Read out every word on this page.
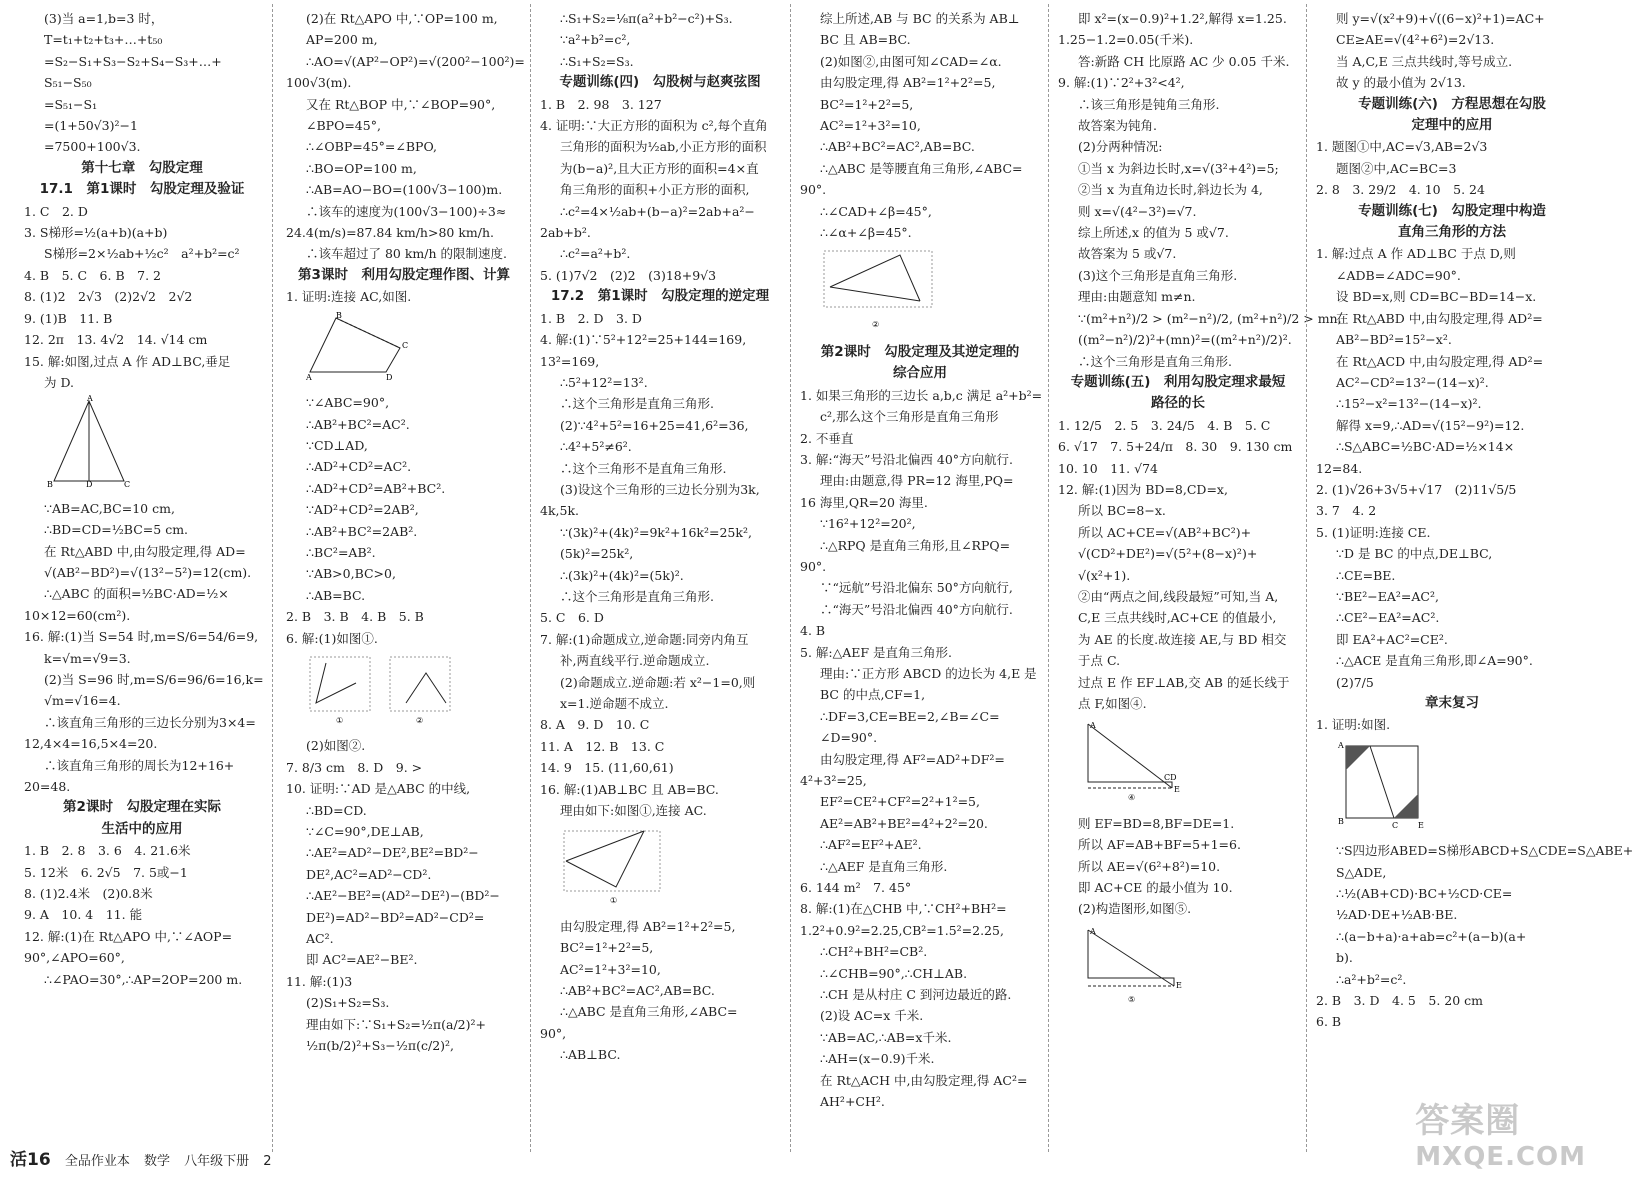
(3)当 a=1,b=3 时，
T=t₁+t₂+t₃+…+t₅₀
=S₂−S₁+S₃−S₂+S₄−S₃+…+
S₅₁−S₅₀
=S₅₁−S₁
=(1+50√3)²−1
=7500+100√3.
第十七章　勾股定理
17.1　第1课时　勾股定理及验证
1. C　2. D
3. S梯形=½(a+b)(a+b)
S梯形=2×½ab+½c²　a²+b²=c²
4. B　5. C　6. B　7. 2
8. (1)2　2√3　(2)2√2　2√2
9. (1)B　11. B
12. 2π　13. 4√2　14. √14 cm
15. 解:如图,过点 A 作 AD⊥BC,垂足
为 D.
A
B	D	C
∵AB=AC,BC=10 cm,
∴BD=CD=½BC=5 cm.
在 Rt△ABD 中,由勾股定理,得 AD=
√(AB²−BD²)=√(13²−5²)=12(cm).
∴△ABC 的面积=½BC·AD=½×
10×12=60(cm²).
16. 解:(1)当 S=54 时,m=S/6=54/6=9,
k=√m=√9=3.
(2)当 S=96 时,m=S/6=96/6=16,k=
√m=√16=4.
∴该直角三角形的三边长分别为3×4=
12,4×4=16,5×4=20.
∴该直角三角形的周长为12+16+
20=48.
第2课时　勾股定理在实际
生活中的应用
1. B　2. 8　3. 6　4. 21.6米
5. 12米　6. 2√5　7. 5或−1
8. (1)2.4米　(2)0.8米
9. A　10. 4　11. 能
12. 解:(1)在 Rt△APO 中,∵∠AOP=
90°,∠APO=60°,
∴∠PAO=30°,∴AP=2OP=200 m.
(2)在 Rt△APO 中,∵OP=100 m,
AP=200 m,
∴AO=√(AP²−OP²)=√(200²−100²)=
100√3(m).
又在 Rt△BOP 中,∵∠BOP=90°,
∠BPO=45°,
∴∠OBP=45°=∠BPO,
∴BO=OP=100 m,
∴AB=AO−BO=(100√3−100)m.
∴该车的速度为(100√3−100)÷3≈
24.4(m/s)=87.84 km/h>80 km/h.
∴该车超过了 80 km/h 的限制速度.
第3课时　利用勾股定理作图、计算
1. 证明:连接 AC,如图.
B
A	D
C
∵∠ABC=90°,
∴AB²+BC²=AC².
∵CD⊥AD,
∴AD²+CD²=AC².
∴AD²+CD²=AB²+BC².
∵AD²+CD²=2AB²,
∴AB²+BC²=2AB².
∴BC²=AB².
∵AB>0,BC>0,
∴AB=BC.
2. B　3. B　4. B　5. B
6. 解:(1)如图①.
①	②
(2)如图②.
7. 8/3 cm　8. D　9. >
10. 证明:∵AD 是△ABC 的中线,
∴BD=CD.
∵∠C=90°,DE⊥AB,
∴AE²=AD²−DE²,BE²=BD²−
DE²,AC²=AD²−CD².
∴AE²−BE²=(AD²−DE²)−(BD²−
DE²)=AD²−BD²=AD²−CD²=
AC².
即 AC²=AE²−BE².
11. 解:(1)3
(2)S₁+S₂=S₃.
理由如下:∵S₁+S₂=½π(a/2)²+
½π(b/2)²+S₃−½π(c/2)²,
∴S₁+S₂=⅛π(a²+b²−c²)+S₃.
∵a²+b²=c²,
∴S₁+S₂=S₃.
专题训练(四)　勾股树与赵爽弦图
1. B　2. 98　3. 127
4. 证明:∵大正方形的面积为 c²,每个直角
三角形的面积为½ab,小正方形的面积
为(b−a)²,且大正方形的面积=4×直
角三角形的面积+小正方形的面积,
∴c²=4×½ab+(b−a)²=2ab+a²−
2ab+b².
∴c²=a²+b².
5. (1)7√2　(2)2　(3)18+9√3
17.2　第1课时　勾股定理的逆定理
1. B　2. D　3. D
4. 解:(1)∵5²+12²=25+144=169,
13²=169,
∴5²+12²=13².
∴这个三角形是直角三角形.
(2)∵4²+5²=16+25=41,6²=36,
∴4²+5²≠6².
∴这个三角形不是直角三角形.
(3)设这个三角形的三边长分别为3k,
4k,5k.
∵(3k)²+(4k)²=9k²+16k²=25k²,
(5k)²=25k²,
∴(3k)²+(4k)²=(5k)².
∴这个三角形是直角三角形.
5. C　6. D
7. 解:(1)命题成立,逆命题:同旁内角互
补,两直线平行.逆命题成立.
(2)命题成立.逆命题:若 x²−1=0,则
x=1.逆命题不成立.
8. A　9. D　10. C
11. A　12. B　13. C
14. 9　15. (11,60,61)
16. 解:(1)AB⊥BC 且 AB=BC.
理由如下:如图①,连接 AC.
①
由勾股定理,得 AB²=1²+2²=5,
BC²=1²+2²=5,
AC²=1²+3²=10,
∴AB²+BC²=AC²,AB=BC.
∴△ABC 是直角三角形,∠ABC=
90°,
∴AB⊥BC.
综上所述,AB 与 BC 的关系为 AB⊥
BC 且 AB=BC.
(2)如图②,由图可知∠CAD=∠α.
由勾股定理,得 AB²=1²+2²=5,
BC²=1²+2²=5,
AC²=1²+3²=10,
∴AB²+BC²=AC²,AB=BC.
∴△ABC 是等腰直角三角形,∠ABC=
90°.
∴∠CAD+∠β=45°,
∴∠α+∠β=45°.
②
第2课时　勾股定理及其逆定理的
综合应用
1. 如果三角形的三边长 a,b,c 满足 a²+b²=
c²,那么这个三角形是直角三角形
2. 不垂直
3. 解:“海天”号沿北偏西 40°方向航行.
理由:由题意,得 PR=12 海里,PQ=
16 海里,QR=20 海里.
∵16²+12²=20²,
∴△RPQ 是直角三角形,且∠RPQ=
90°.
∵“远航”号沿北偏东 50°方向航行,
∴“海天”号沿北偏西 40°方向航行.
4. B
5. 解:△AEF 是直角三角形.
理由:∵正方形 ABCD 的边长为 4,E 是
BC 的中点,CF=1,
∴DF=3,CE=BE=2,∠B=∠C=
∠D=90°.
由勾股定理,得 AF²=AD²+DF²=
4²+3²=25,
EF²=CE²+CF²=2²+1²=5,
AE²=AB²+BE²=4²+2²=20.
∴AF²=EF²+AE².
∴△AEF 是直角三角形.
6. 144 m²　7. 45°
8. 解:(1)在△CHB 中,∵CH²+BH²=
1.2²+0.9²=2.25,CB²=1.5²=2.25,
∴CH²+BH²=CB².
∴∠CHB=90°,∴CH⊥AB.
∴CH 是从村庄 C 到河边最近的路.
(2)设 AC=x 千米.
∵AB=AC,∴AB=x千米.
∴AH=(x−0.9)千米.
在 Rt△ACH 中,由勾股定理,得 AC²=
AH²+CH².
即 x²=(x−0.9)²+1.2²,解得 x=1.25.
1.25−1.2=0.05(千米).
答:新路 CH 比原路 AC 少 0.05 千米.
9. 解:(1)∵2²+3²<4²,
∴该三角形是钝角三角形.
故答案为钝角.
(2)分两种情况:
①当 x 为斜边长时,x=√(3²+4²)=5;
②当 x 为直角边长时,斜边长为 4,
则 x=√(4²−3²)=√7.
综上所述,x 的值为 5 或√7.
故答案为 5 或√7.
(3)这个三角形是直角三角形.
理由:由题意知 m≠n.
∵(m²+n²)/2 > (m²−n²)/2, (m²+n²)/2 > mn,
((m²−n²)/2)²+(mn)²=((m²+n²)/2)².
∴这个三角形是直角三角形.
专题训练(五)　利用勾股定理求最短
路径的长
1. 12/5　2. 5　3. 24/5　4. B　5. C
6. √17　7. 5+24/π　8. 30　9. 130 cm
10. 10　11. √74
12. 解:(1)因为 BD=8,CD=x,
所以 BC=8−x.
所以 AC+CE=√(AB²+BC²)+
√(CD²+DE²)=√(5²+(8−x)²)+
√(x²+1).
②由“两点之间,线段最短”可知,当 A,
C,E 三点共线时,AC+CE 的值最小,
为 AE 的长度.故连接 AE,与 BD 相交
于点 C.
过点 E 作 EF⊥AB,交 AB 的延长线于
点 F,如图④.
A
CD
E
④
则 EF=BD=8,BF=DE=1.
所以 AF=AB+BF=5+1=6.
所以 AE=√(6²+8²)=10.
即 AC+CE 的最小值为 10.
(2)构造图形,如图⑤.
A
E
⑤
则 y=√(x²+9)+√((6−x)²+1)=AC+
CE≥AE=√(4²+6²)=2√13.
当 A,C,E 三点共线时,等号成立.
故 y 的最小值为 2√13.
专题训练(六)　方程思想在勾股
定理中的应用
1. 题图①中,AC=√3,AB=2√3
题图②中,AC=BC=3
2. 8　3. 29/2　4. 10　5. 24
专题训练(七)　勾股定理中构造
直角三角形的方法
1. 解:过点 A 作 AD⊥BC 于点 D,则
∠ADB=∠ADC=90°.
设 BD=x,则 CD=BC−BD=14−x.
在 Rt△ABD 中,由勾股定理,得 AD²=
AB²−BD²=15²−x².
在 Rt△ACD 中,由勾股定理,得 AD²=
AC²−CD²=13²−(14−x)².
∴15²−x²=13²−(14−x)².
解得 x=9,∴AD=√(15²−9²)=12.
∴S△ABC=½BC·AD=½×14×
12=84.
2. (1)√26+3√5+√17　(2)11√5/5
3. 7　4. 2
5. (1)证明:连接 CE.
∵D 是 BC 的中点,DE⊥BC,
∴CE=BE.
∵BE²−EA²=AC²,
∴CE²−EA²=AC².
即 EA²+AC²=CE².
∴△ACE 是直角三角形,即∠A=90°.
(2)7/5
章末复习
1. 证明:如图.
A
B	C E
∵S四边形ABED=S梯形ABCD+S△CDE=S△ABE+
S△ADE,
∴½(AB+CD)·BC+½CD·CE=
½AD·DE+½AB·BE.
∴(a−b+a)·a+ab=c²+(a−b)(a+
b).
∴a²+b²=c².
2. B　3. D　4. 5　5. 20 cm
6. B
活16 全品作业本 数学 八年级下册 2
答案圈
MXQE.COM
